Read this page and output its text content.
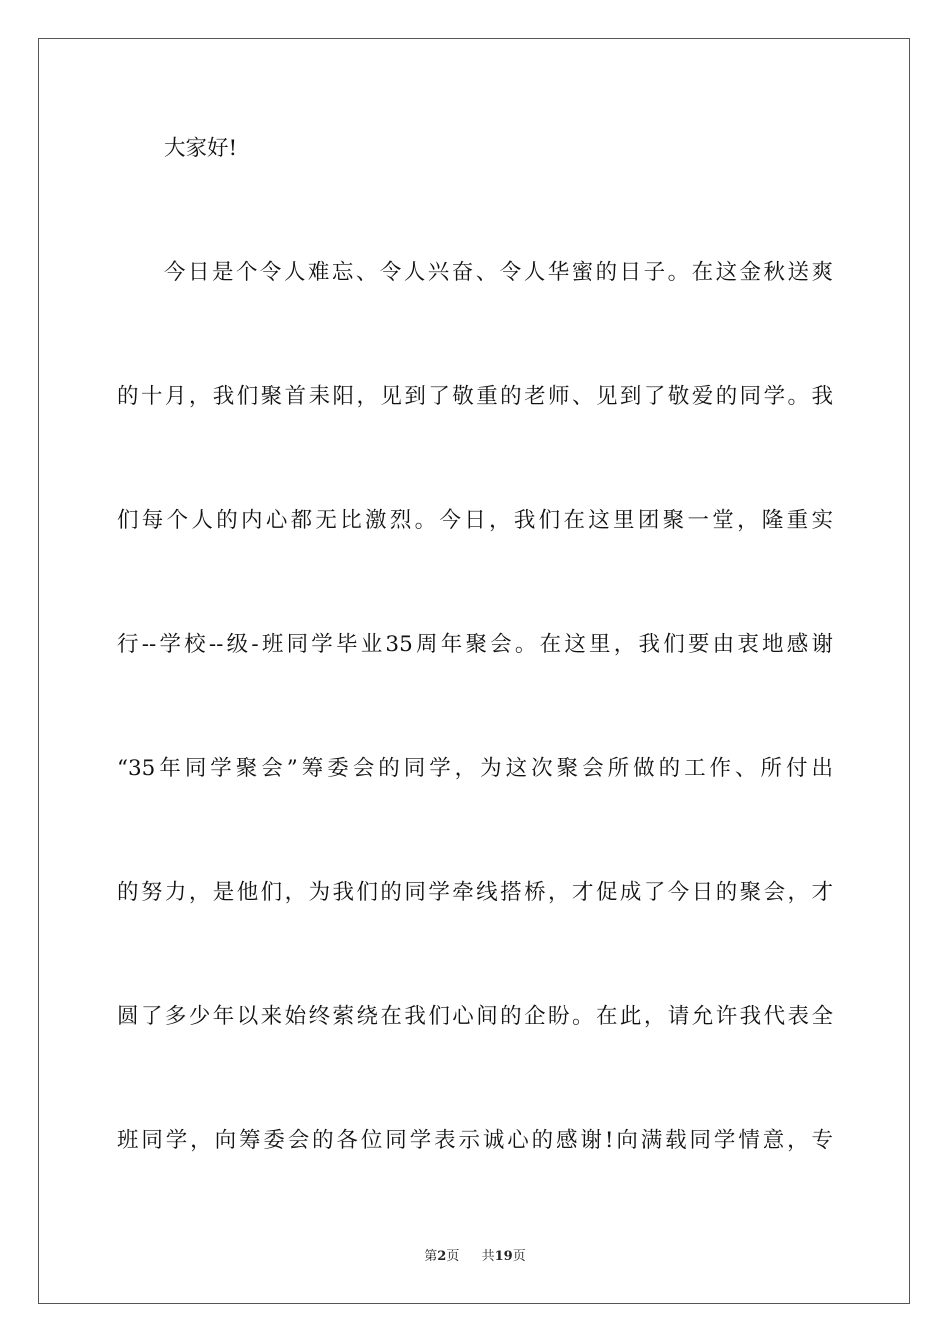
大家好!
今日是个令人难忘、令人兴奋、令人华蜜的日子。在这金秋送爽
的十月，我们聚首耒阳，见到了敬重的老师、见到了敬爱的同学。我
们每个人的内心都无比激烈。今日，我们在这里团聚一堂，隆重实
行--学校--级-班同学毕业35周年聚会。在这里，我们要由衷地感谢
“35年同学聚会”筹委会的同学，为这次聚会所做的工作、所付出
的努力，是他们，为我们的同学牵线搭桥，才促成了今日的聚会，才
圆了多少年以来始终萦绕在我们心间的企盼。在此，请允许我代表全
班同学，向筹委会的各位同学表示诚心的感谢!向满载同学情意，专
第2页 共19页
